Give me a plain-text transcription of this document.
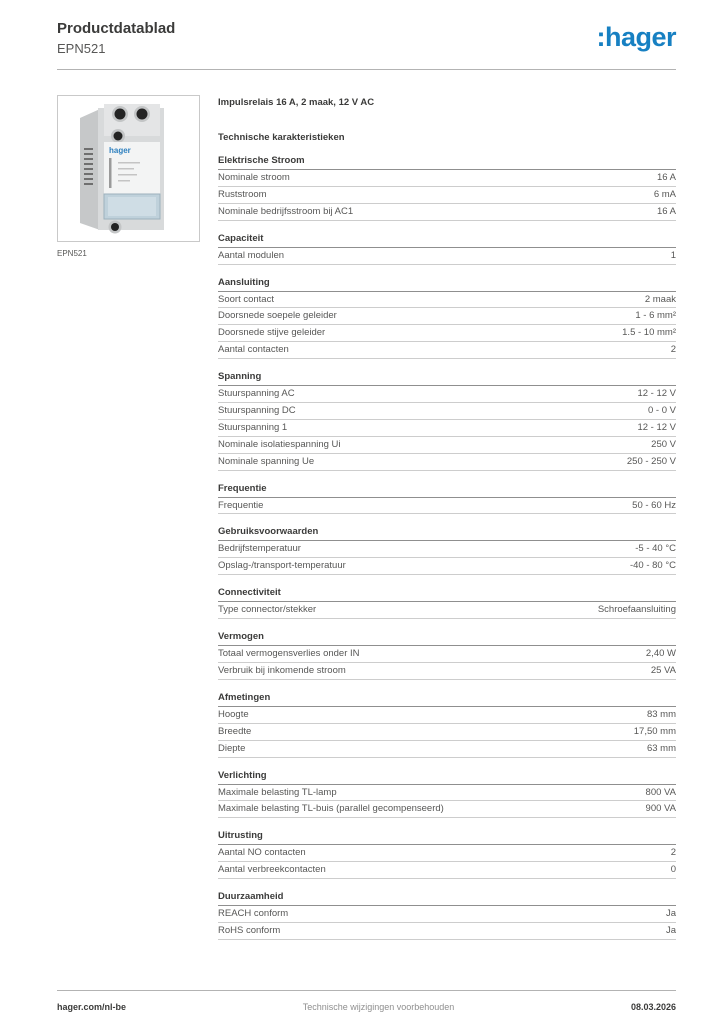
Productdatablad
EPN521	:hager
hager
EPN521
Impulsrelais 16 A, 2 maak, 12 V AC
Technische karakteristieken
Elektrische Stroom
Nominale stroom	16 A
Ruststroom	6 mA
Nominale bedrijfsstroom bij AC1	16 A
Capaciteit
Aantal modulen	1
Aansluiting
Soort contact	2 maak
Doorsnede soepele geleider	1 - 6 mm²
Doorsnede stijve geleider	1.5 - 10 mm²
Aantal contacten	2
Spanning
Stuurspanning AC	12 - 12 V
Stuurspanning DC	0 - 0 V
Stuurspanning 1	12 - 12 V
Nominale isolatiespanning Ui	250 V
Nominale spanning Ue	250 - 250 V
Frequentie
Frequentie	50 - 60 Hz
Gebruiksvoorwaarden
Bedrijfstemperatuur	-5 - 40 °C
Opslag-/transport-temperatuur	-40 - 80 °C
Connectiviteit
Type connector/stekker	Schroefaansluiting
Vermogen
Totaal vermogensverlies onder IN	2,40 W
Verbruik bij inkomende stroom	25 VA
Afmetingen
Hoogte	83 mm
Breedte	17,50 mm
Diepte	63 mm
Verlichting
Maximale belasting TL-lamp	800 VA
Maximale belasting TL-buis (parallel gecompenseerd)	900 VA
Uitrusting
Aantal NO contacten	2
Aantal verbreekcontacten	0
Duurzaamheid
REACH conform	Ja
RoHS conform	Ja
hager.com/nl-be	Technische wijzigingen voorbehouden	08.03.2026
